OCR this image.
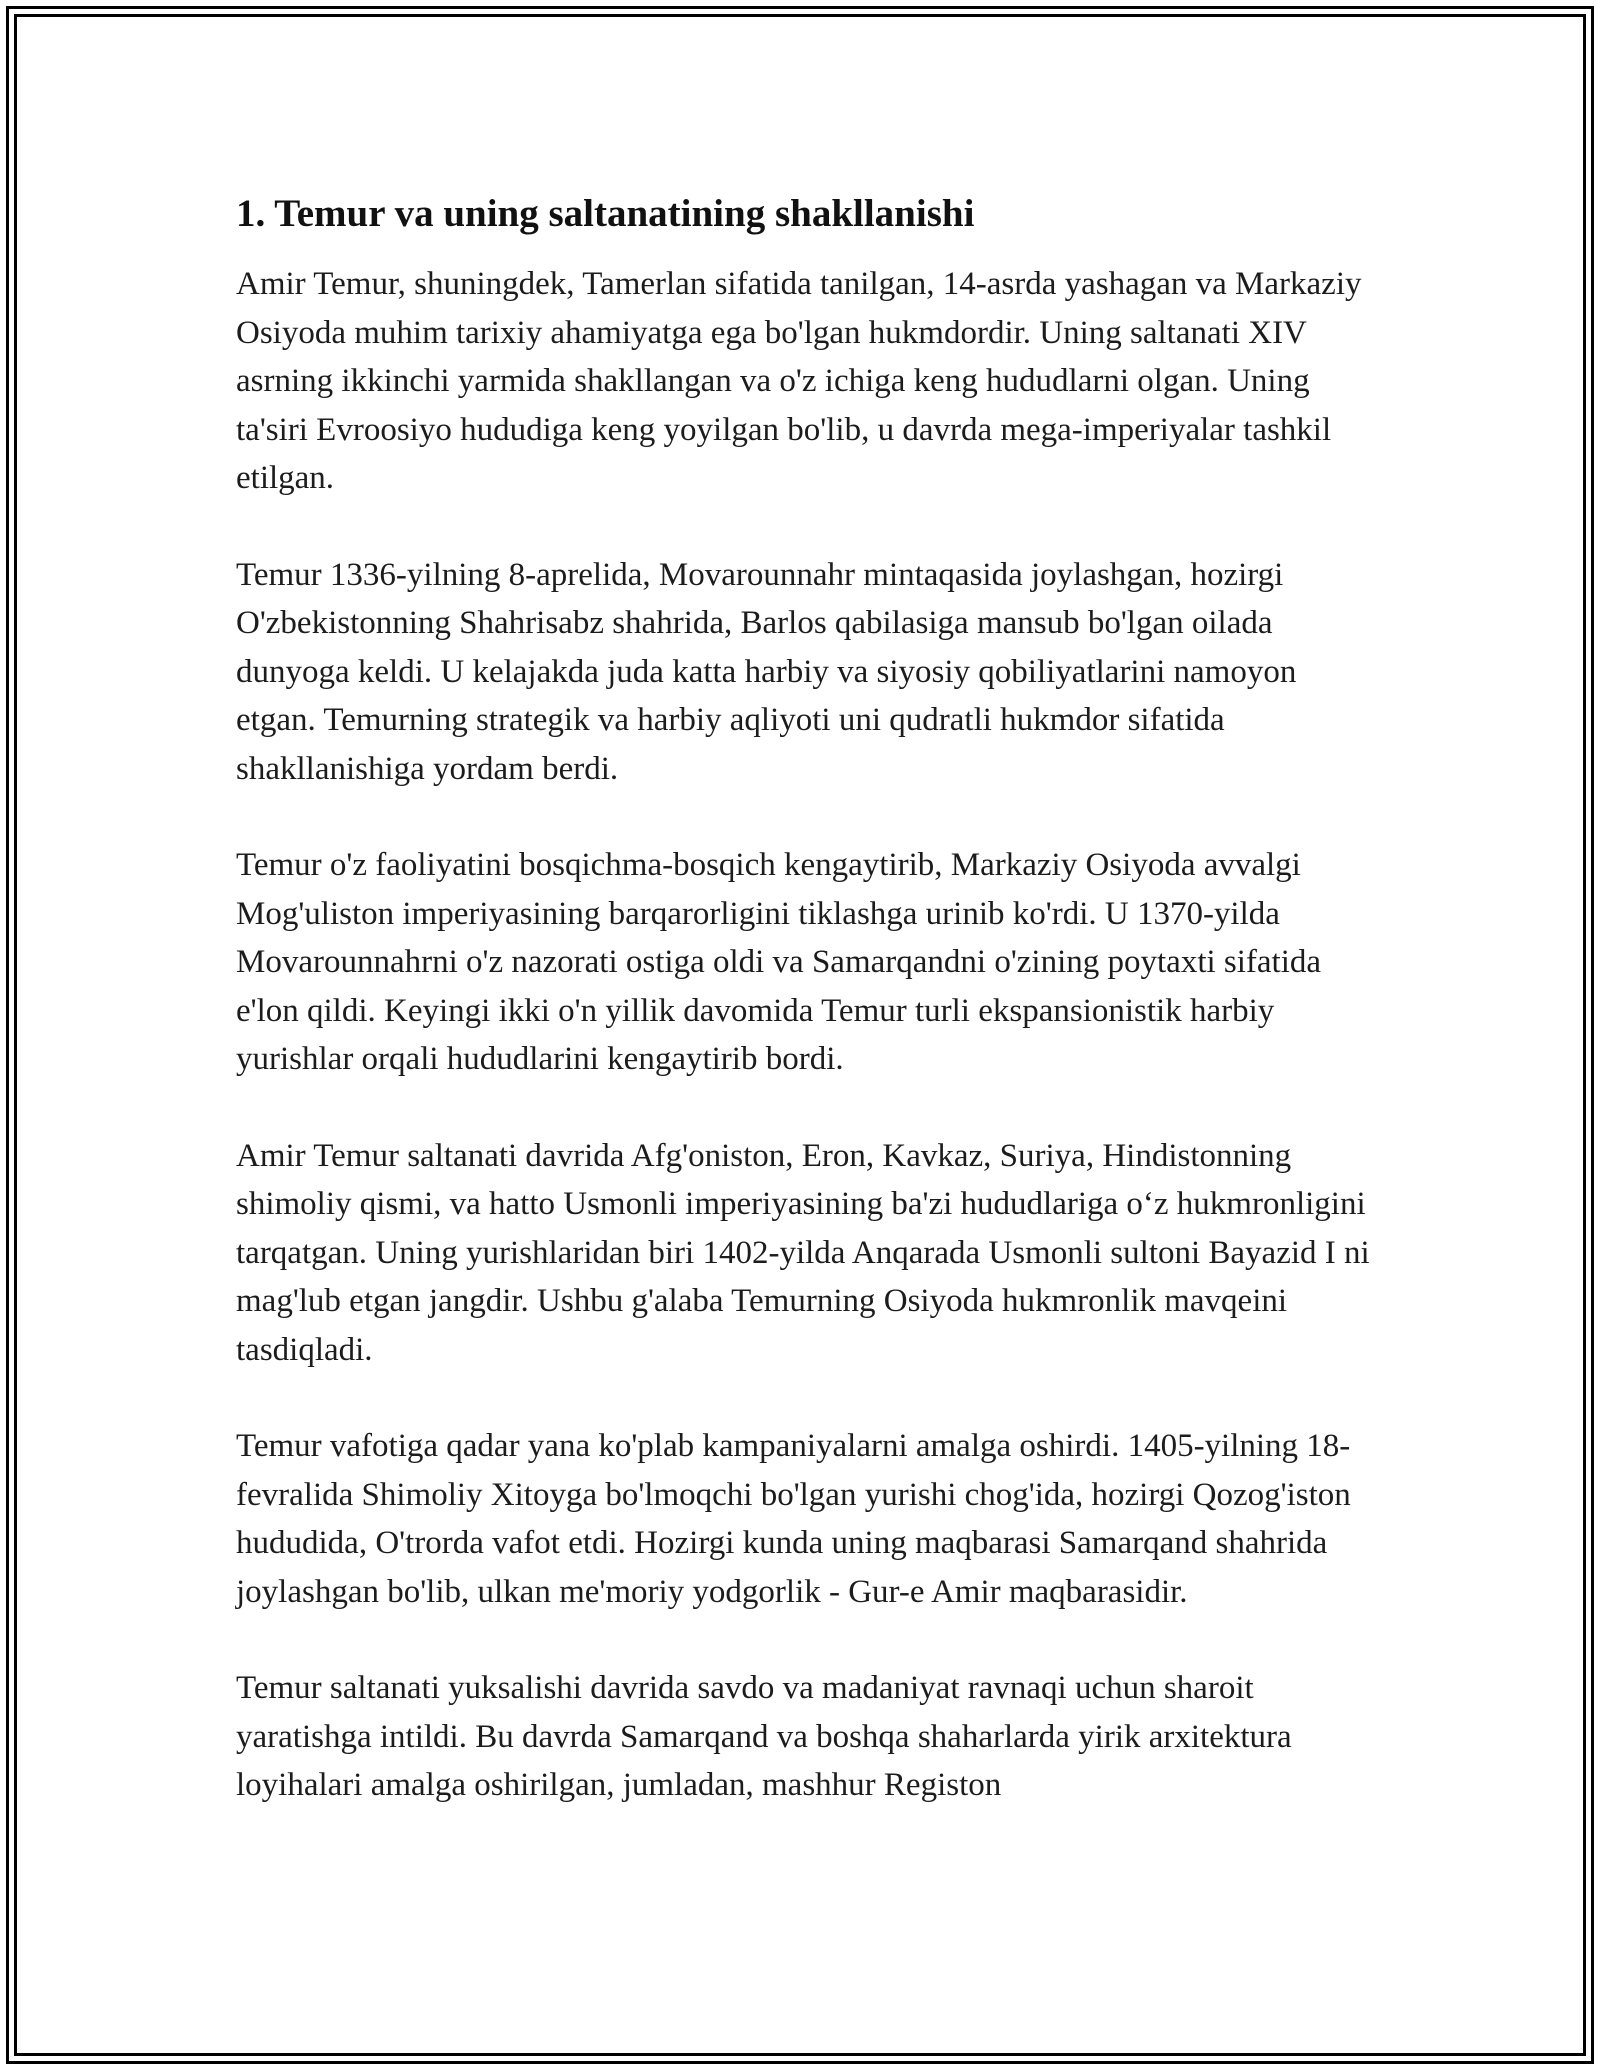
1. Temur va uning saltanatining shakllanishi

Amir Temur, shuningdek, Tamerlan sifatida tanilgan, 14-asrda yashagan va Markaziy Osiyoda muhim tarixiy ahamiyatga ega bo'lgan hukmdordir. Uning saltanati XIV asrning ikkinchi yarmida shakllangan va o'z ichiga keng hududlarni olgan. Uning ta'siri Evroosiyo hududiga keng yoyilgan bo'lib, u davrda mega-imperiyalar tashkil etilgan.

Temur 1336-yilning 8-aprelida, Movarounnahr mintaqasida joylashgan, hozirgi O'zbekistonning Shahrisabz shahrida, Barlos qabilasiga mansub bo'lgan oilada dunyoga keldi. U kelajakda juda katta harbiy va siyosiy qobiliyatlarini namoyon etgan. Temurning strategik va harbiy aqliyoti uni qudratli hukmdor sifatida shakllanishiga yordam berdi.

Temur o'z faoliyatini bosqichma-bosqich kengaytirib, Markaziy Osiyoda avvalgi Mog'uliston imperiyasining barqarorligini tiklashga urinib ko'rdi. U 1370-yilda Movarounnahrni o'z nazorati ostiga oldi va Samarqandni o'zining poytaxti sifatida e'lon qildi. Keyingi ikki o'n yillik davomida Temur turli ekspansionistik harbiy yurishlar orqali hududlarini kengaytirib bordi.

Amir Temur saltanati davrida Afg'oniston, Eron, Kavkaz, Suriya, Hindistonning shimoliy qismi, va hatto Usmonli imperiyasining ba'zi hududlariga o‘z hukmronligini tarqatgan. Uning yurishlaridan biri 1402-yilda Anqarada Usmonli sultoni Bayazid I ni mag'lub etgan jangdir. Ushbu g'alaba Temurning Osiyoda hukmronlik mavqeini tasdiqladi.

Temur vafotiga qadar yana ko'plab kampaniyalarni amalga oshirdi. 1405-yilning 18-fevralida Shimoliy Xitoyga bo'lmoqchi bo'lgan yurishi chog'ida, hozirgi Qozog'iston hududida, O'trorda vafot etdi. Hozirgi kunda uning maqbarasi Samarqand shahrida joylashgan bo'lib, ulkan me'moriy yodgorlik - Gur-e Amir maqbarasidir.

Temur saltanati yuksalishi davrida savdo va madaniyat ravnaqi uchun sharoit yaratishga intildi. Bu davrda Samarqand va boshqa shaharlarda yirik arxitektura loyihalari amalga oshirilgan, jumladan, mashhur Registon
